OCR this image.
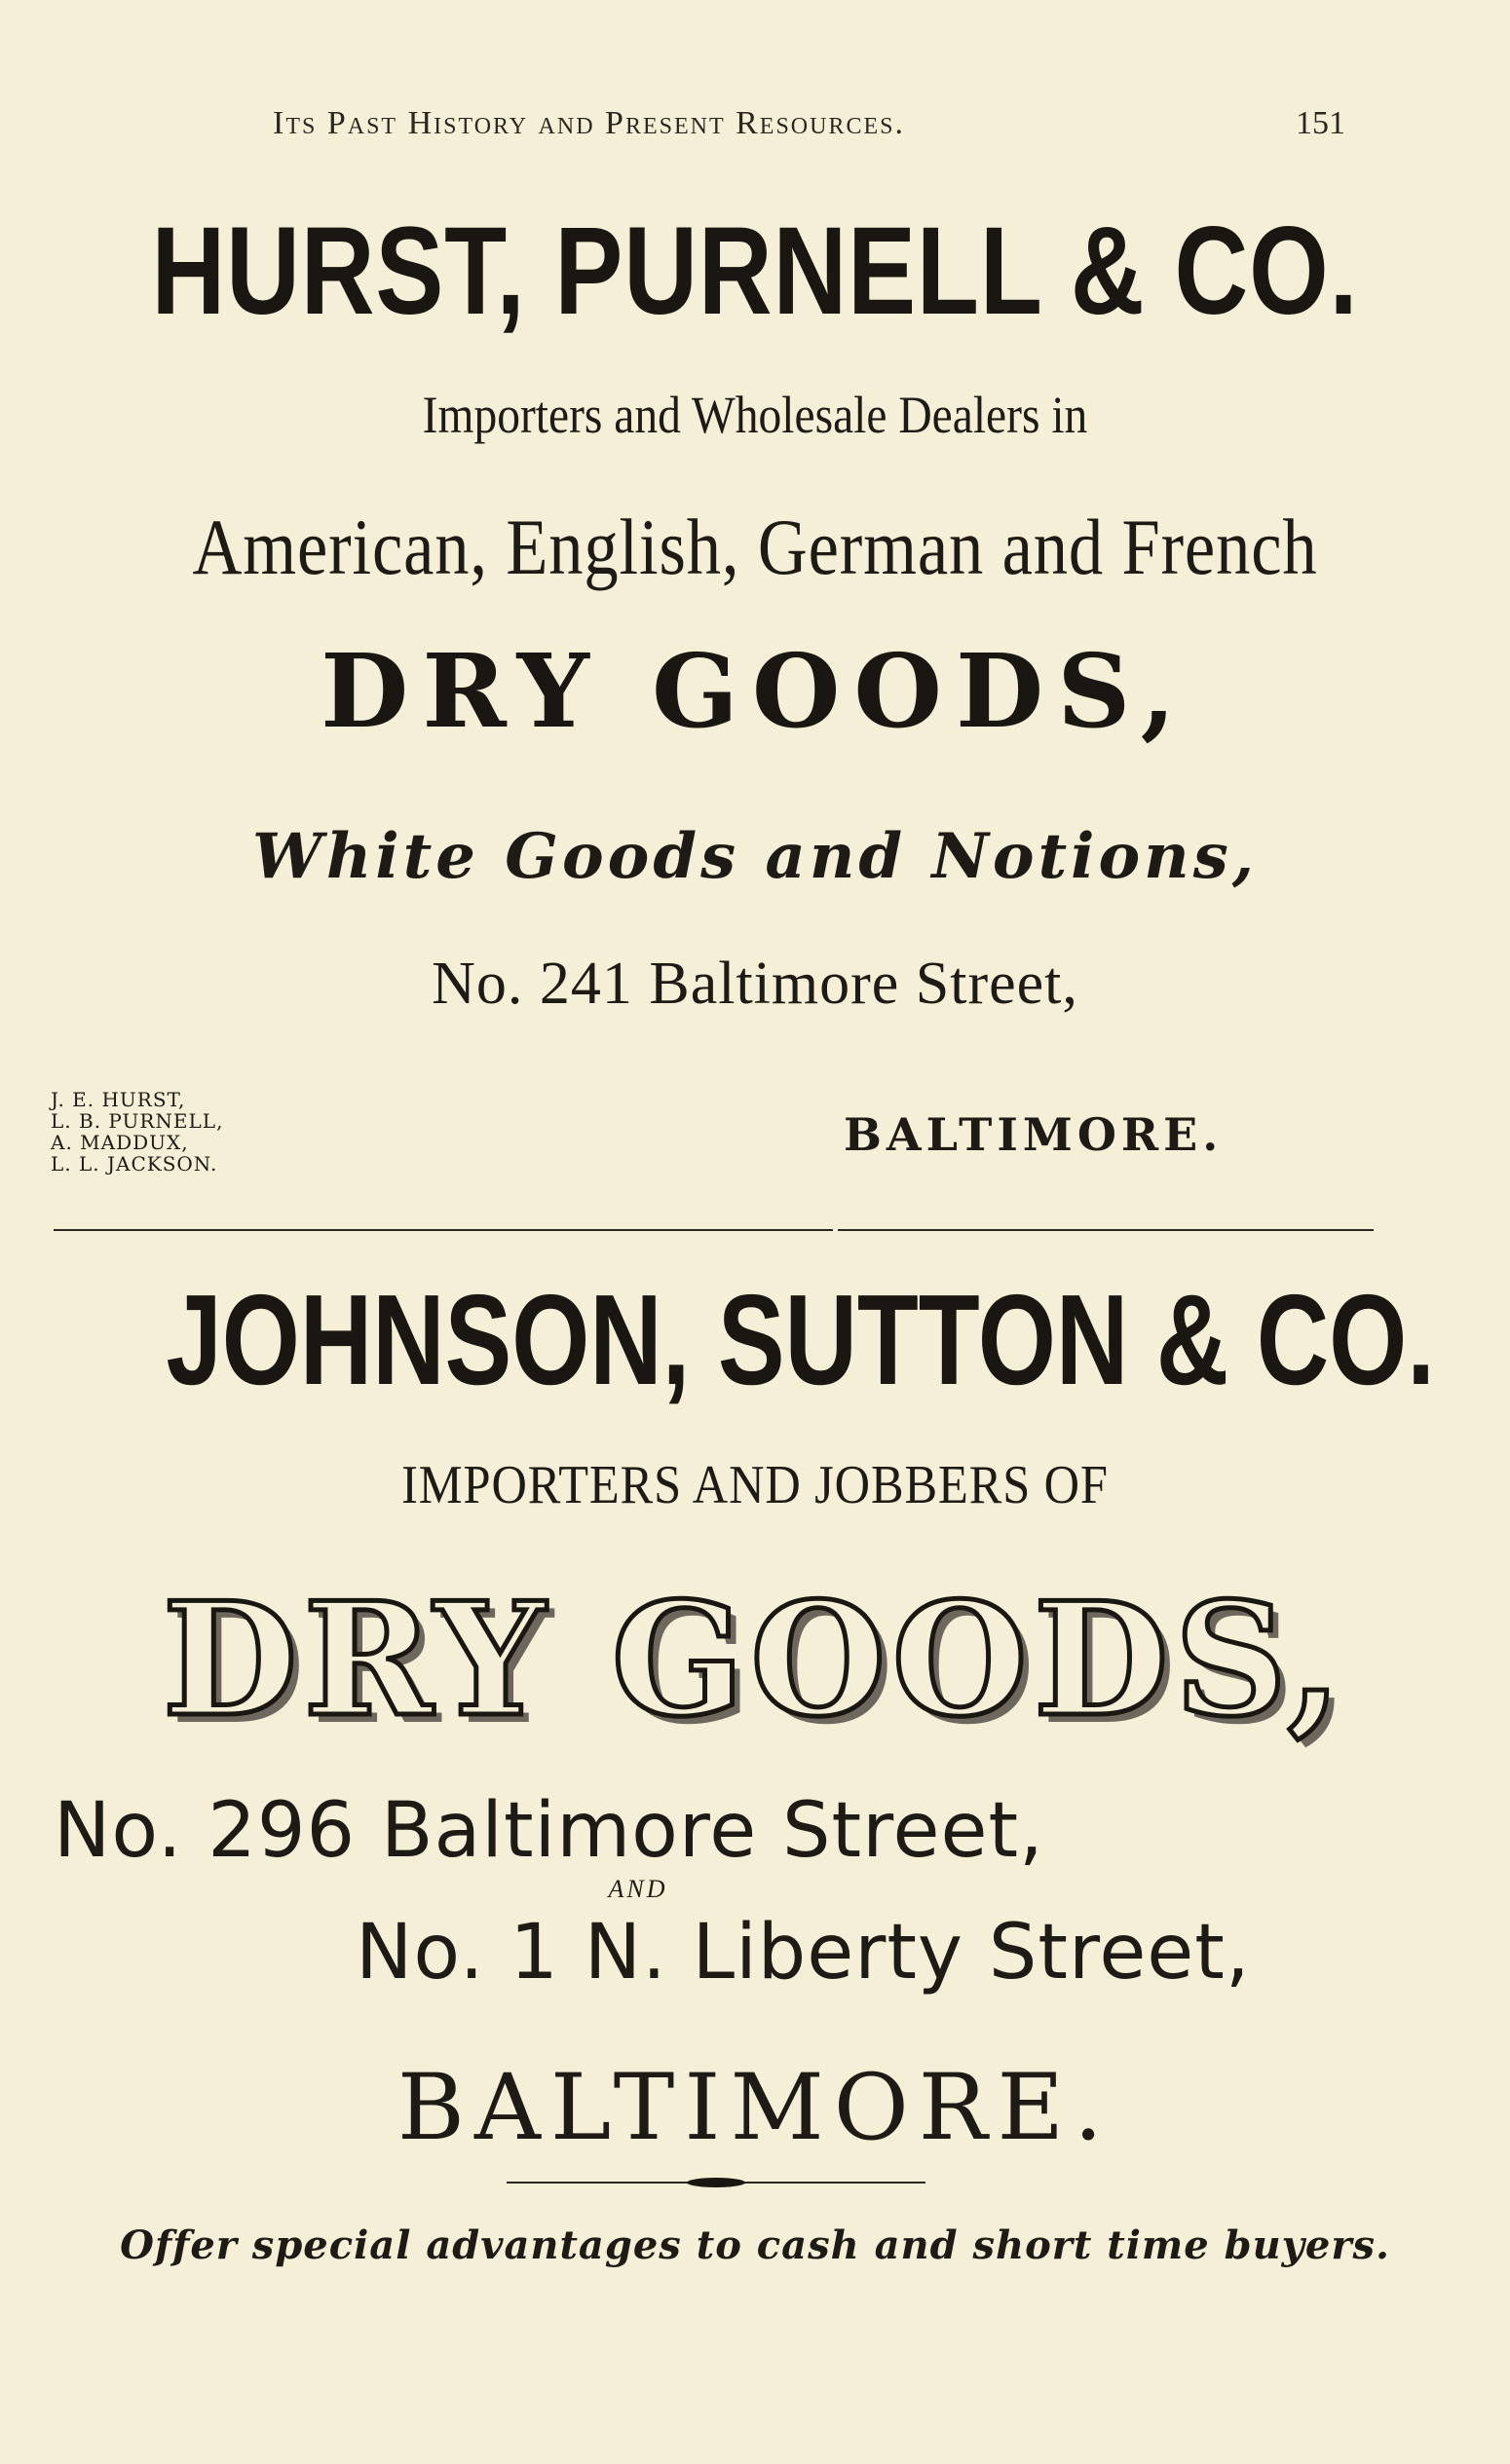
Its Past History and Present Resources.	151
HURST, PURNELL & CO.
Importers and Wholesale Dealers in
American, English, German and French
DRY GOODS,
White Goods and Notions,
No. 241 Baltimore Street,
J. E. HURST,
L. B. PURNELL,
A. MADDUX,
L. L. JACKSON.
BALTIMORE.
JOHNSON, SUTTON & CO.
IMPORTERS AND JOBBERS OF
DRY GOODS,
No. 296 Baltimore Street,
AND
No. 1 N. Liberty Street,
BALTIMORE.
Offer special advantages to cash and short time buyers.
